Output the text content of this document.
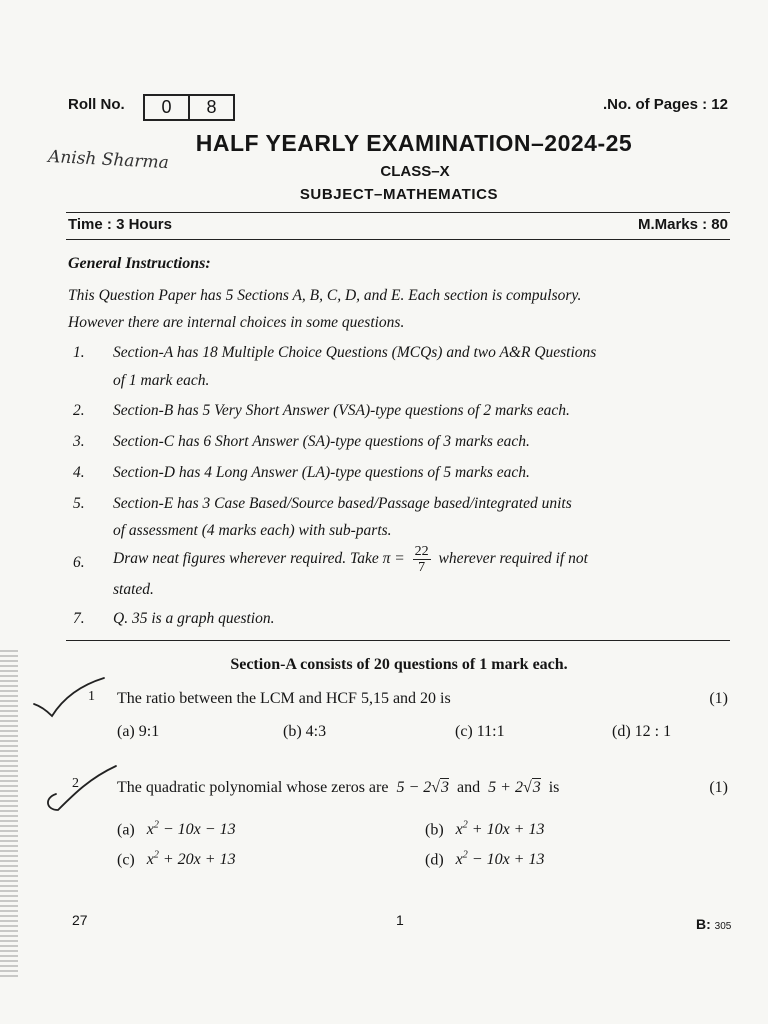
Roll No.	0	8	.No. of Pages : 12
HALF YEARLY EXAMINATION–2024-25
Anish Sharma	CLASS–X
SUBJECT–MATHEMATICS
Time : 3 Hours	M.Marks : 80
General Instructions:
This Question Paper has 5 Sections A, B, C, D, and E. Each section is compulsory.
However there are internal choices in some questions.
1. Section-A has 18 Multiple Choice Questions (MCQs) and two A&R Questions
of 1 mark each.
2. Section-B has 5 Very Short Answer (VSA)-type questions of 2 marks each.
3. Section-C has 6 Short Answer (SA)-type questions of 3 marks each.
4. Section-D has 4 Long Answer (LA)-type questions of 5 marks each.
5. Section-E has 3 Case Based/Source based/Passage based/integrated units
of assessment (4 marks each) with sub-parts.
6. Draw neat figures wherever required. Take $\pi = \frac{22}{7}$ wherever required if not
stated.
7. Q. 35 is a graph question.
Section-A consists of 20 questions of 1 mark each.
1 The ratio between the LCM and HCF 5,15 and 20 is	(1)
(a) 9:1	(b) 4:3	(c) 11:1	(d) 12 : 1
2 The quadratic polynomial whose zeros are 5 − 2√3 and 5 + 2√3 is	(1)
(a) $x^2 - 10x - 13$	(b) $x^2 + 10x + 13$
(c) $x^2 + 20x + 13$	(d) $x^2 - 10x + 13$
27	1	B: 305
